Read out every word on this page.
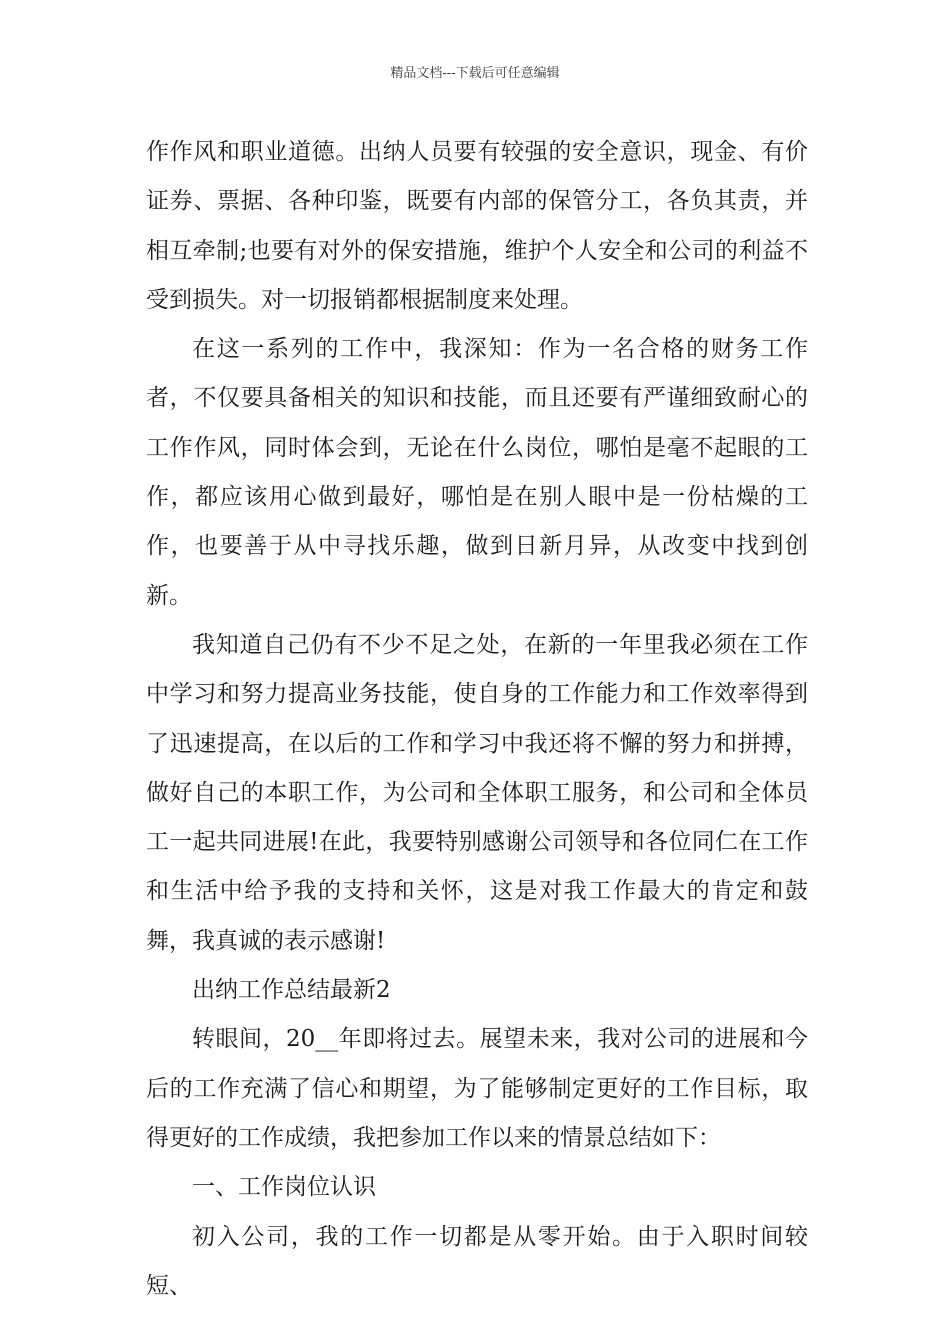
精品文档---下载后可任意编辑

作作风和职业道德。出纳人员要有较强的安全意识，现金、有价证券、票据、各种印鉴，既要有内部的保管分工，各负其责，并相互牵制;也要有对外的保安措施，维护个人安全和公司的利益不受到损失。对一切报销都根据制度来处理。

在这一系列的工作中，我深知：作为一名合格的财务工作者，不仅要具备相关的知识和技能，而且还要有严谨细致耐心的工作作风，同时体会到，无论在什么岗位，哪怕是毫不起眼的工作，都应该用心做到最好，哪怕是在别人眼中是一份枯燥的工作，也要善于从中寻找乐趣，做到日新月异，从改变中找到创新。

我知道自己仍有不少不足之处，在新的一年里我必须在工作中学习和努力提高业务技能，使自身的工作能力和工作效率得到了迅速提高，在以后的工作和学习中我还将不懈的努力和拼搏，做好自己的本职工作，为公司和全体职工服务，和公司和全体员工一起共同进展!在此，我要特别感谢公司领导和各位同仁在工作和生活中给予我的支持和关怀，这是对我工作最大的肯定和鼓舞，我真诚的表示感谢!

出纳工作总结最新2

转眼间，20__年即将过去。展望未来，我对公司的进展和今后的工作充满了信心和期望，为了能够制定更好的工作目标，取得更好的工作成绩，我把参加工作以来的情景总结如下：

一、工作岗位认识

初入公司，我的工作一切都是从零开始。由于入职时间较短、
